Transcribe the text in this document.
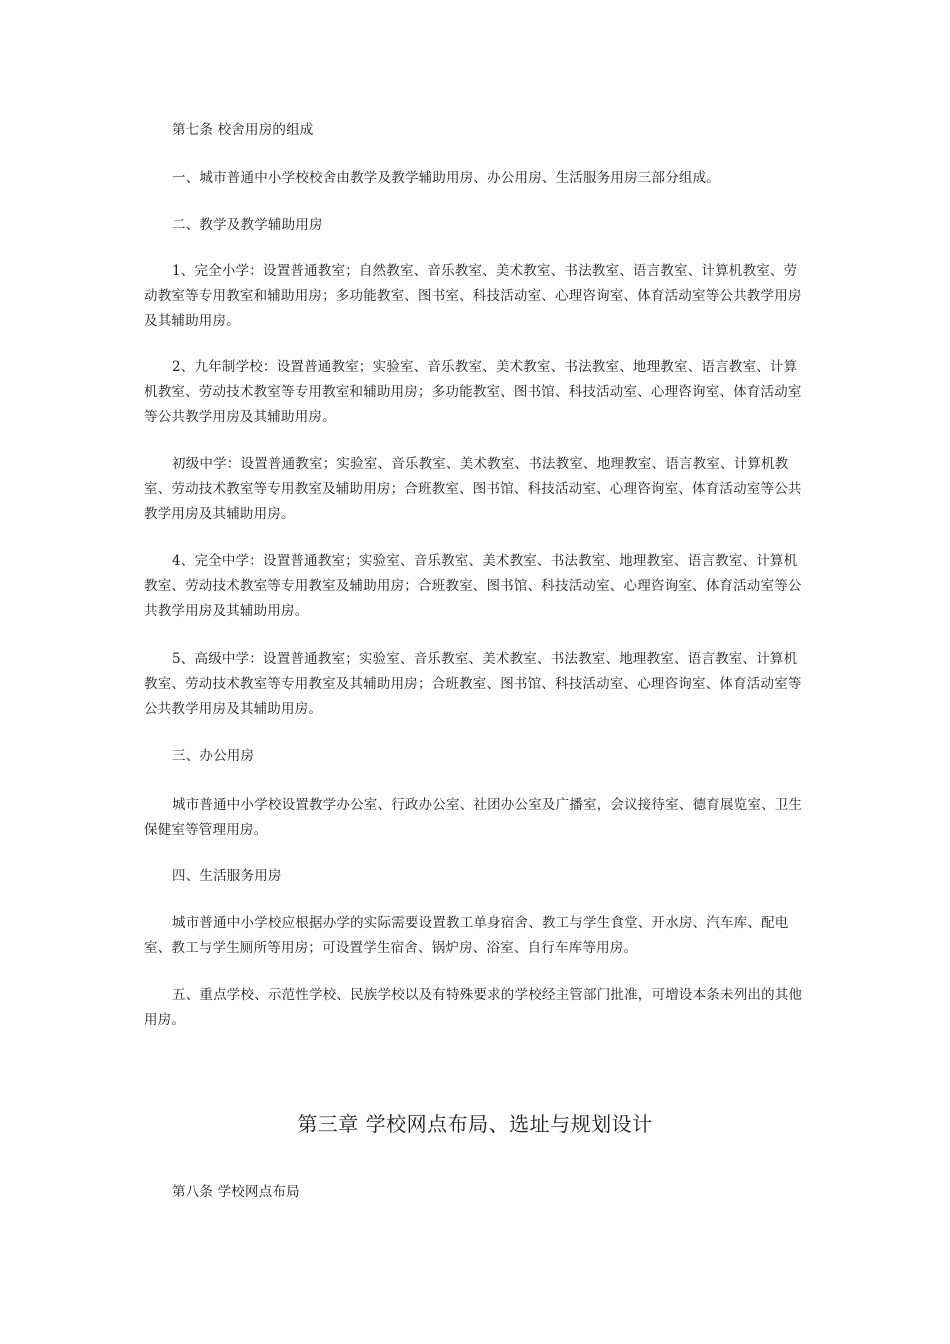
第七条 校舍用房的组成

一、城市普通中小学校校舍由教学及教学辅助用房、办公用房、生活服务用房三部分组成。

二、教学及教学辅助用房

1、完全小学：设置普通教室；自然教室、音乐教室、美术教室、书法教室、语言教室、计算机教室、劳动教室等专用教室和辅助用房；多功能教室、图书室、科技活动室、心理咨询室、体育活动室等公共教学用房及其辅助用房。

2、九年制学校：设置普通教室；实验室、音乐教室、美术教室、书法教室、地理教室、语言教室、计算机教室、劳动技术教室等专用教室和辅助用房；多功能教室、图书馆、科技活动室、心理咨询室、体育活动室等公共教学用房及其辅助用房。

初级中学：设置普通教室；实验室、音乐教室、美术教室、书法教室、地理教室、语言教室、计算机教室、劳动技术教室等专用教室及辅助用房；合班教室、图书馆、科技活动室、心理咨询室、体育活动室等公共教学用房及其辅助用房。

4、完全中学：设置普通教室；实验室、音乐教室、美术教室、书法教室、地理教室、语言教室、计算机教室、劳动技术教室等专用教室及辅助用房；合班教室、图书馆、科技活动室、心理咨询室、体育活动室等公共教学用房及其辅助用房。

5、高级中学：设置普通教室；实验室、音乐教室、美术教室、书法教室、地理教室、语言教室、计算机教室、劳动技术教室等专用教室及其辅助用房；合班教室、图书馆、科技活动室、心理咨询室、体育活动室等公共教学用房及其辅助用房。

三、办公用房

城市普通中小学校设置教学办公室、行政办公室、社团办公室及广播室，会议接待室、德育展览室、卫生保健室等管理用房。

四、生活服务用房

城市普通中小学校应根据办学的实际需要设置教工单身宿舍、教工与学生食堂、开水房、汽车库、配电室、教工与学生厕所等用房；可设置学生宿舍、锅炉房、浴室、自行车库等用房。

五、重点学校、示范性学校、民族学校以及有特殊要求的学校经主管部门批准，可增设本条未列出的其他用房。

第三章 学校网点布局、选址与规划设计

第八条 学校网点布局
